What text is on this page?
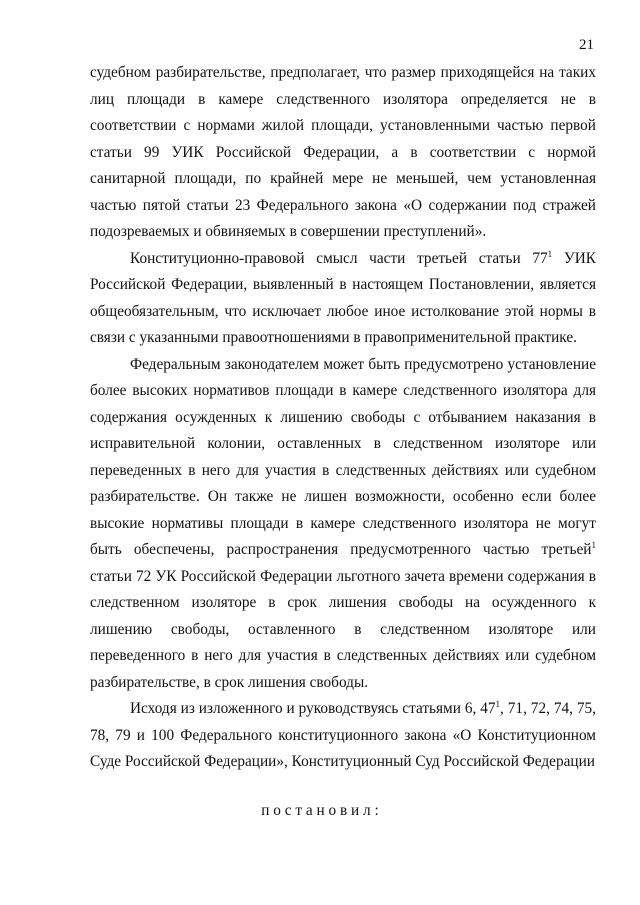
21

судебном разбирательстве, предполагает, что размер приходящейся на таких лиц площади в камере следственного изолятора определяется не в соответствии с нормами жилой площади, установленными частью первой статьи 99 УИК Российской Федерации, а в соответствии с нормой санитарной площади, по крайней мере не меньшей, чем установленная частью пятой статьи 23 Федерального закона «О содержании под стражей подозреваемых и обвиняемых в совершении преступлений».

Конституционно-правовой смысл части третьей статьи $77^1$ УИК Российской Федерации, выявленный в настоящем Постановлении, является общеобязательным, что исключает любое иное истолкование этой нормы в связи с указанными правоотношениями в правоприменительной практике.

Федеральным законодателем может быть предусмотрено установление более высоких нормативов площади в камере следственного изолятора для содержания осужденных к лишению свободы с отбыванием наказания в исправительной колонии, оставленных в следственном изоляторе или переведенных в него для участия в следственных действиях или судебном разбирательстве. Он также не лишен возможности, особенно если более высокие нормативы площади в камере следственного изолятора не могут быть обеспечены, распространения предусмотренного частью третьей$^1$ статьи 72 УК Российской Федерации льготного зачета времени содержания в следственном изоляторе в срок лишения свободы на осужденного к лишению свободы, оставленного в следственном изоляторе или переведенного в него для участия в следственных действиях или судебном разбирательстве, в срок лишения свободы.

Исходя из изложенного и руководствуясь статьями 6, $47^1$, 71, 72, 74, 75, 78, 79 и 100 Федерального конституционного закона «О Конституционном Суде Российской Федерации», Конституционный Суд Российской Федерации

п о с т а н о в и л :
